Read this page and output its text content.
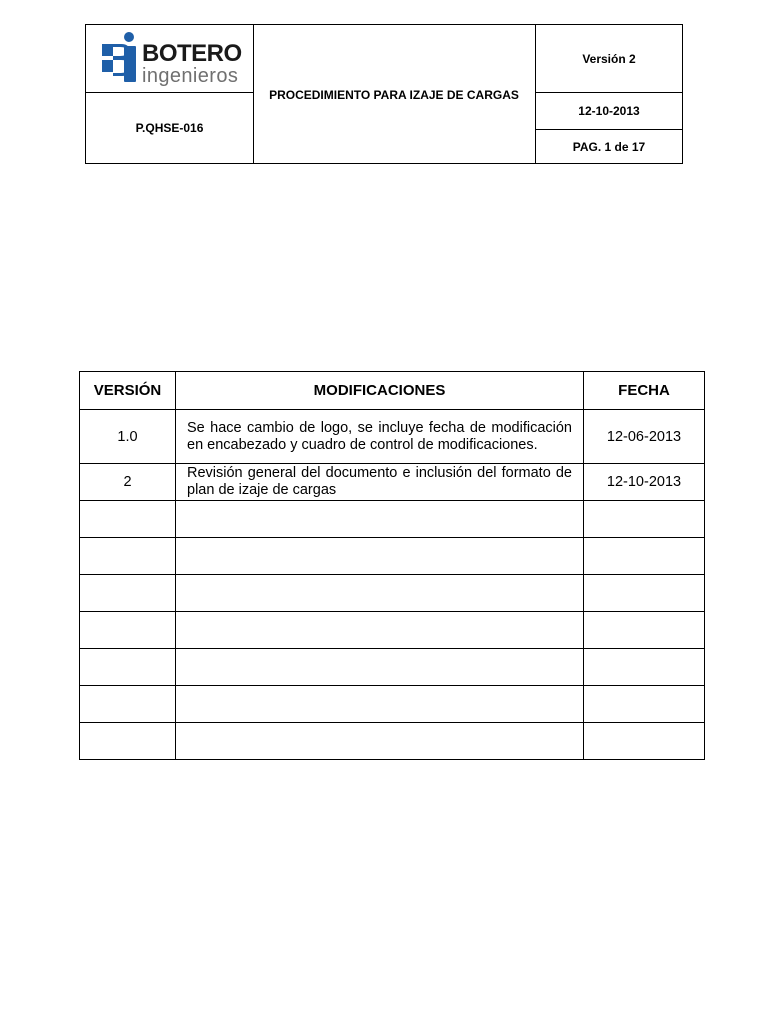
BOTERO
ingenieros
P.QHSE-016
PROCEDIMIENTO PARA IZAJE DE CARGAS
Versión 2
12-10-2013
PAG. 1 de 17
VERSIÓN	MODIFICACIONES	FECHA
1.0	Se hace cambio de logo, se incluye fecha de modificación en encabezado y cuadro de control de modificaciones.	12-06-2013
2	Revisión general del documento e inclusión del formato de plan de izaje de cargas	12-10-2013
